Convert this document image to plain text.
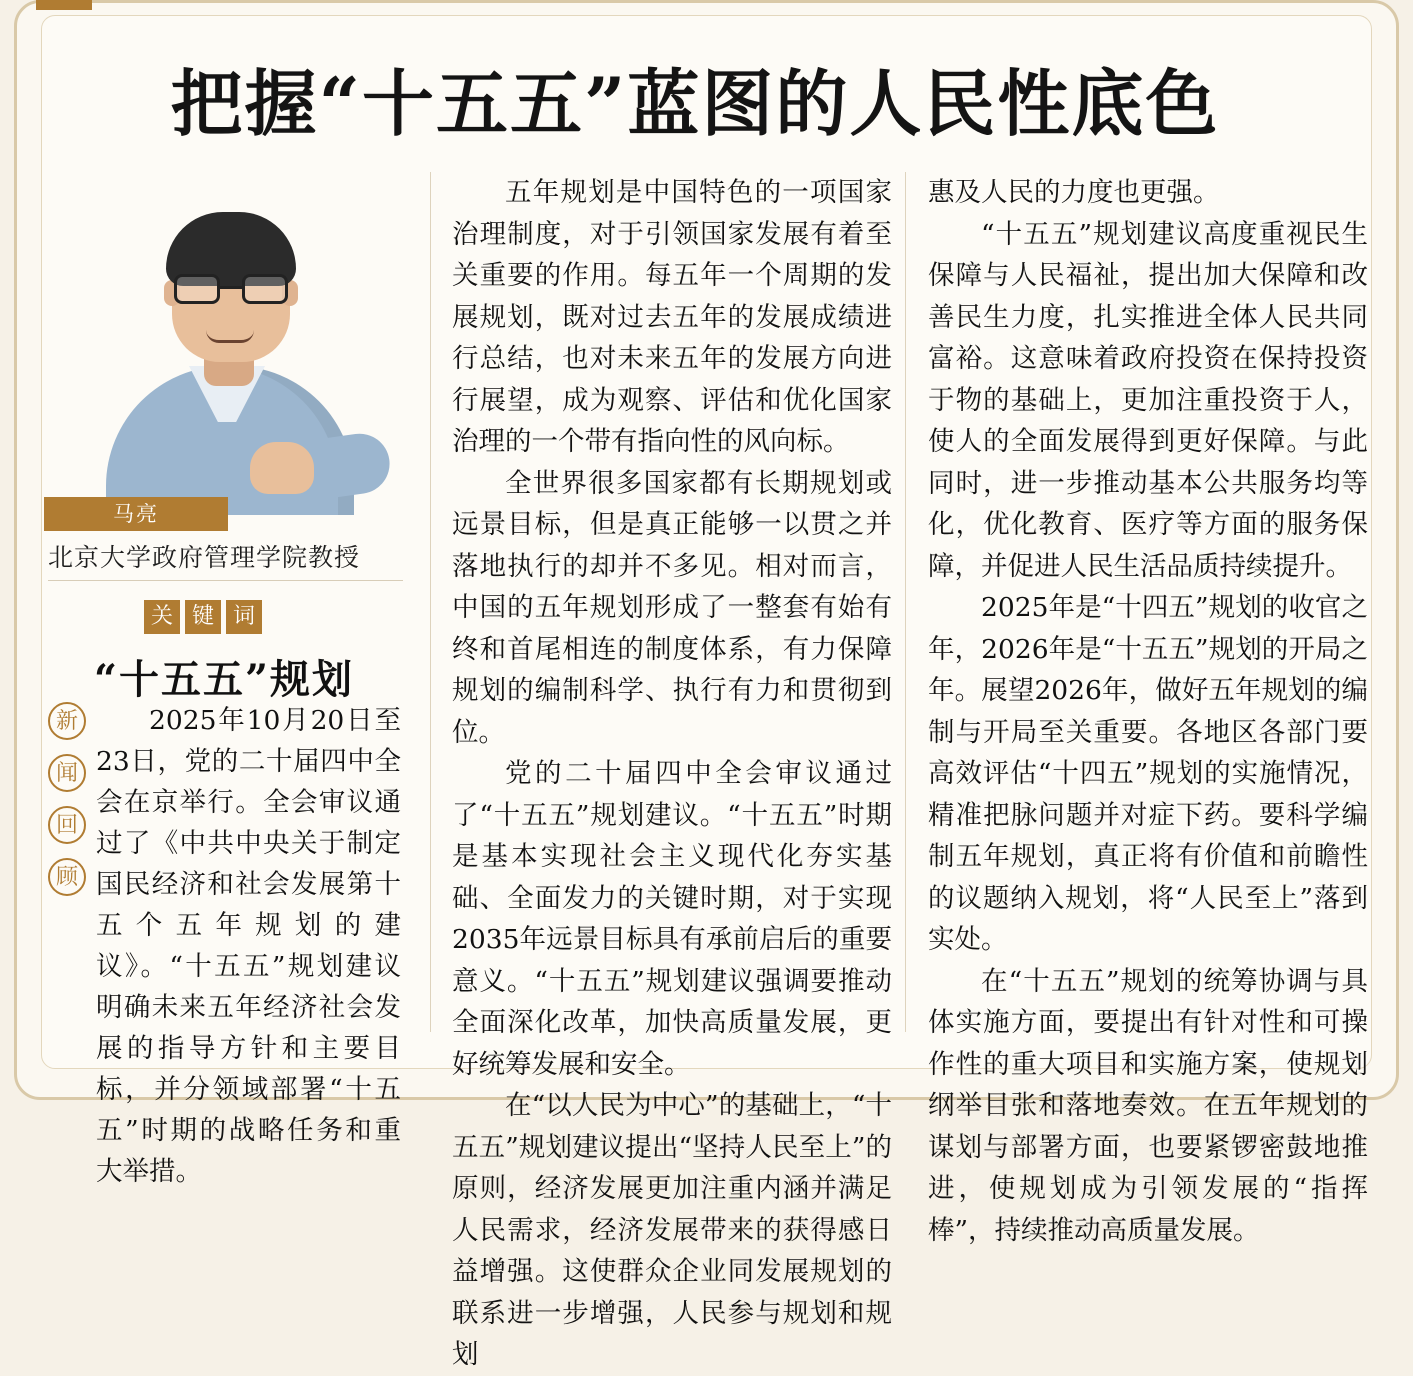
把握“十五五”蓝图的人民性底色
马亮
北京大学政府管理学院教授
关 键 词
“十五五”规划
新
闻
回
顾
2025年10月20日至23日，党的二十届四中全会在京举行。全会审议通过了《中共中央关于制定国民经济和社会发展第十五个五年规划的建议》。“十五五”规划建议明确未来五年经济社会发展的指导方针和主要目标，并分领域部署“十五五”时期的战略任务和重大举措。

五年规划是中国特色的一项国家治理制度，对于引领国家发展有着至关重要的作用。每五年一个周期的发展规划，既对过去五年的发展成绩进行总结，也对未来五年的发展方向进行展望，成为观察、评估和优化国家治理的一个带有指向性的风向标。

全世界很多国家都有长期规划或远景目标，但是真正能够一以贯之并落地执行的却并不多见。相对而言，中国的五年规划形成了一整套有始有终和首尾相连的制度体系，有力保障规划的编制科学、执行有力和贯彻到位。

党的二十届四中全会审议通过了“十五五”规划建议。“十五五”时期是基本实现社会主义现代化夯实基础、全面发力的关键时期，对于实现2035年远景目标具有承前启后的重要意义。“十五五”规划建议强调要推动全面深化改革，加快高质量发展，更好统筹发展和安全。

在“以人民为中心”的基础上，“十五五”规划建议提出“坚持人民至上”的原则，经济发展更加注重内涵并满足人民需求，经济发展带来的获得感日益增强。这使群众企业同发展规划的联系进一步增强，人民参与规划和规划

惠及人民的力度也更强。

“十五五”规划建议高度重视民生保障与人民福祉，提出加大保障和改善民生力度，扎实推进全体人民共同富裕。这意味着政府投资在保持投资于物的基础上，更加注重投资于人，使人的全面发展得到更好保障。与此同时，进一步推动基本公共服务均等化，优化教育、医疗等方面的服务保障，并促进人民生活品质持续提升。

2025年是“十四五”规划的收官之年，2026年是“十五五”规划的开局之年。展望2026年，做好五年规划的编制与开局至关重要。各地区各部门要高效评估“十四五”规划的实施情况，精准把脉问题并对症下药。要科学编制五年规划，真正将有价值和前瞻性的议题纳入规划，将“人民至上”落到实处。

在“十五五”规划的统筹协调与具体实施方面，要提出有针对性和可操作性的重大项目和实施方案，使规划纲举目张和落地奏效。在五年规划的谋划与部署方面，也要紧锣密鼓地推进，使规划成为引领发展的“指挥棒”，持续推动高质量发展。
